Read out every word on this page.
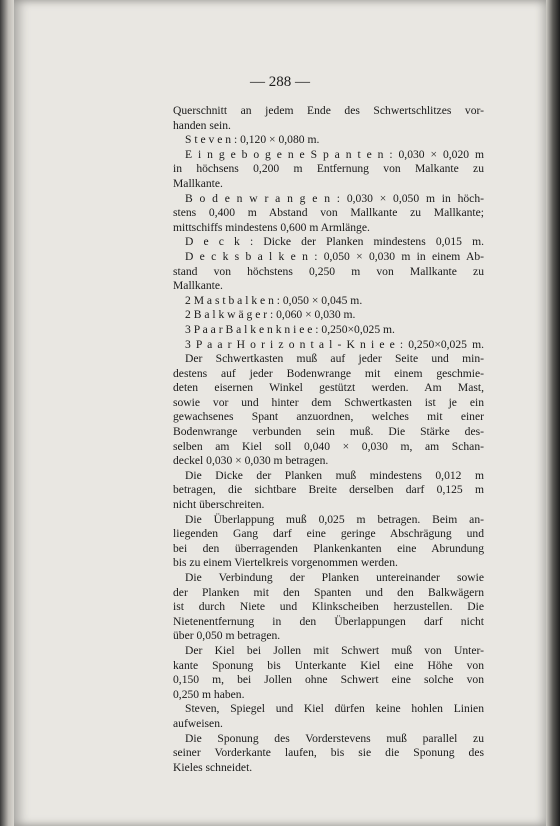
— 288 —
Querschnitt an jedem Ende des Schwertschlitzes vor-
handen sein.
S t e v e n : 0,120 × 0,080 m.
E i n g e b o g e n e S p a n t e n : 0,030 × 0,020 m
in höchsens 0,200 m Entfernung von Malkante zu
Mallkante.
B o d e n w r a n g e n : 0,030 × 0,050 m in höch-
stens 0,400 m Abstand von Mallkante zu Mallkante;
mittschiffs mindestens 0,600 m Armlänge.
D e c k : Dicke der Planken mindestens 0,015 m.
D e c k s b a l k e n : 0,050 × 0,030 m in einem Ab-
stand von höchstens 0,250 m von Mallkante zu
Mallkante.
2 M a s t b a l k e n : 0,050 × 0,045 m.
2 B a l k w ä g e r : 0,060 × 0,030 m.
3 P a a r B a l k e n k n i e e : 0,250×0,025 m.
3 P a a r H o r i z o n t a l - K n i e e : 0,250×0,025 m.
Der Schwertkasten muß auf jeder Seite und min-
destens auf jeder Bodenwrange mit einem geschmie-
deten eisernen Winkel gestützt werden. Am Mast,
sowie vor und hinter dem Schwertkasten ist je ein
gewachsenes Spant anzuordnen, welches mit einer
Bodenwrange verbunden sein muß. Die Stärke des-
selben am Kiel soll 0,040 × 0,030 m, am Schan-
deckel 0,030 × 0,030 m betragen.
Die Dicke der Planken muß mindestens 0,012 m
betragen, die sichtbare Breite derselben darf 0,125 m
nicht überschreiten.
Die Überlappung muß 0,025 m betragen. Beim an-
liegenden Gang darf eine geringe Abschrägung und
bei den überragenden Plankenkanten eine Abrundung
bis zu einem Viertelkreis vorgenommen werden.
Die Verbindung der Planken untereinander sowie
der Planken mit den Spanten und den Balkwägern
ist durch Niete und Klinkscheiben herzustellen. Die
Nietenentfernung in den Überlappungen darf nicht
über 0,050 m betragen.
Der Kiel bei Jollen mit Schwert muß von Unter-
kante Sponung bis Unterkante Kiel eine Höhe von
0,150 m, bei Jollen ohne Schwert eine solche von
0,250 m haben.
Steven, Spiegel und Kiel dürfen keine hohlen Linien
aufweisen.
Die Sponung des Vorderstevens muß parallel zu
seiner Vorderkante laufen, bis sie die Sponung des
Kieles schneidet.
